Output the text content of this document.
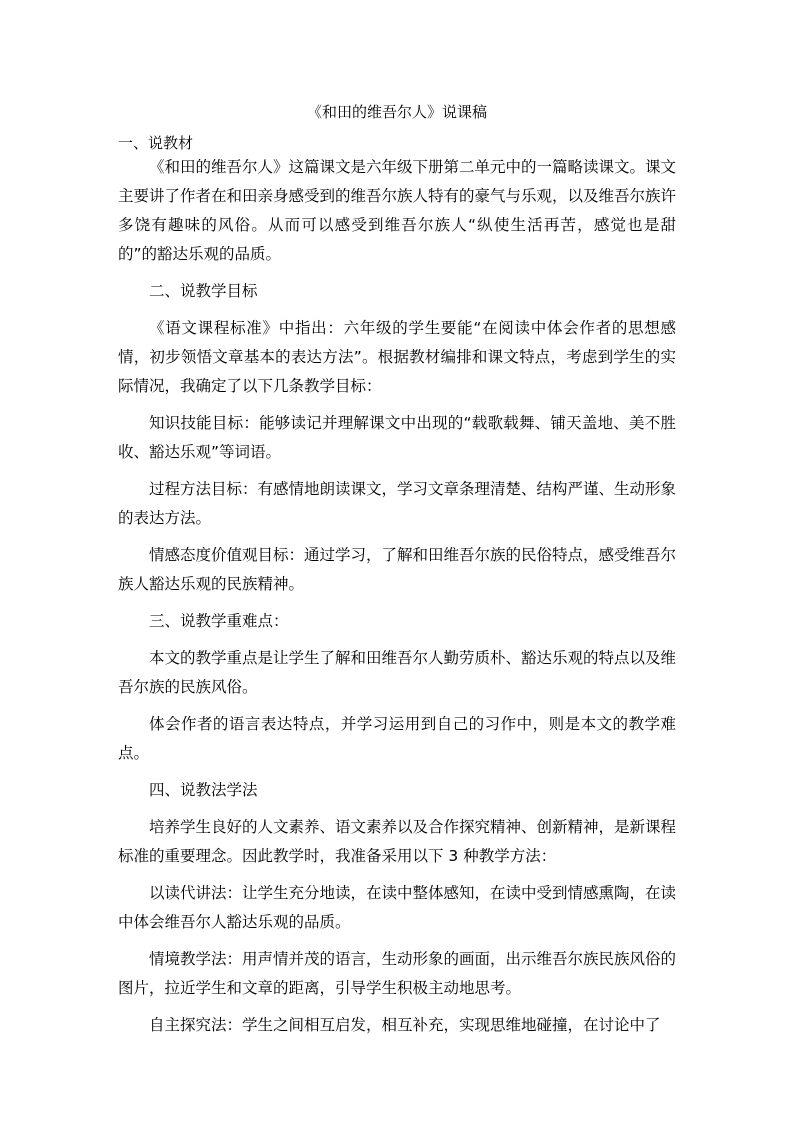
《和田的维吾尔人》说课稿
一、说教材

《和田的维吾尔人》这篇课文是六年级下册第二单元中的一篇略读课文。课文主要讲了作者在和田亲身感受到的维吾尔族人特有的豪气与乐观，以及维吾尔族许多饶有趣味的风俗。从而可以感受到维吾尔族人“纵使生活再苦，感觉也是甜的”的豁达乐观的品质。

二、说教学目标

《语文课程标准》中指出：六年级的学生要能“在阅读中体会作者的思想感情，初步领悟文章基本的表达方法”。根据教材编排和课文特点，考虑到学生的实际情况，我确定了以下几条教学目标：

知识技能目标：能够读记并理解课文中出现的“载歌载舞、铺天盖地、美不胜收、豁达乐观”等词语。

过程方法目标：有感情地朗读课文，学习文章条理清楚、结构严谨、生动形象的表达方法。

情感态度价值观目标：通过学习，了解和田维吾尔族的民俗特点，感受维吾尔族人豁达乐观的民族精神。

三、说教学重难点：

本文的教学重点是让学生了解和田维吾尔人勤劳质朴、豁达乐观的特点以及维吾尔族的民族风俗。

体会作者的语言表达特点，并学习运用到自己的习作中，则是本文的教学难点。

四、说教法学法

培养学生良好的人文素养、语文素养以及合作探究精神、创新精神，是新课程标准的重要理念。因此教学时，我准备采用以下 3 种教学方法：

以读代讲法：让学生充分地读，在读中整体感知，在读中受到情感熏陶，在读中体会维吾尔人豁达乐观的品质。

情境教学法：用声情并茂的语言，生动形象的画面，出示维吾尔族民族风俗的图片，拉近学生和文章的距离，引导学生积极主动地思考。

自主探究法：学生之间相互启发，相互补充，实现思维地碰撞，在讨论中了
